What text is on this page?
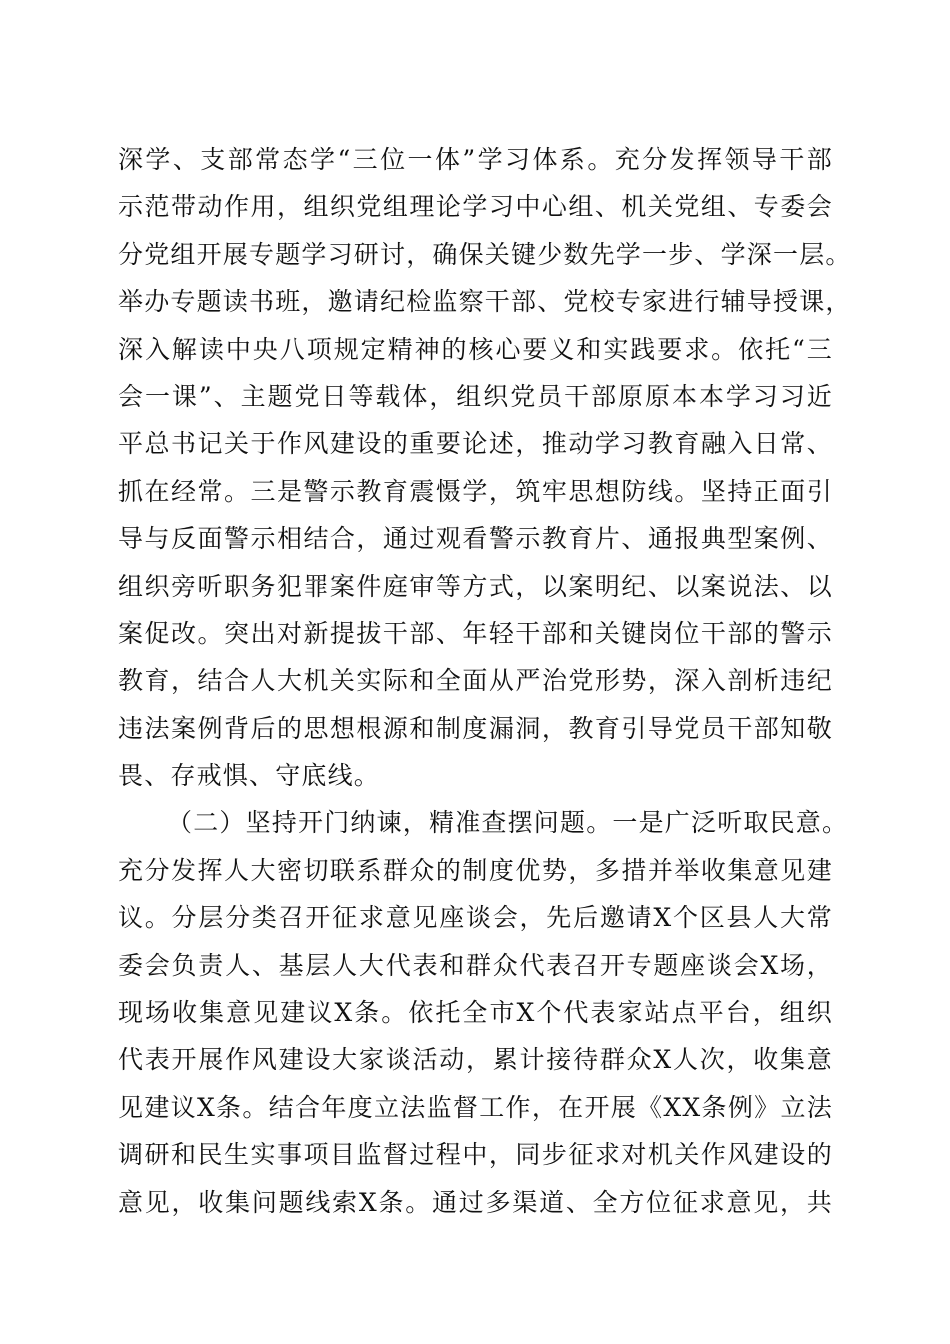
深学、支部常态学“三位一体”学习体系。充分发挥领导干部
示范带动作用，组织党组理论学习中心组、机关党组、专委会
分党组开展专题学习研讨，确保关键少数先学一步、学深一层。
举办专题读书班，邀请纪检监察干部、党校专家进行辅导授课，
深入解读中央八项规定精神的核心要义和实践要求。依托“三
会一课”、主题党日等载体，组织党员干部原原本本学习习近
平总书记关于作风建设的重要论述，推动学习教育融入日常、
抓在经常。三是警示教育震慑学，筑牢思想防线。坚持正面引
导与反面警示相结合，通过观看警示教育片、通报典型案例、
组织旁听职务犯罪案件庭审等方式，以案明纪、以案说法、以
案促改。突出对新提拔干部、年轻干部和关键岗位干部的警示
教育，结合人大机关实际和全面从严治党形势，深入剖析违纪
违法案例背后的思想根源和制度漏洞，教育引导党员干部知敬
畏、存戒惧、守底线。
（二）坚持开门纳谏，精准查摆问题。一是广泛听取民意。
充分发挥人大密切联系群众的制度优势，多措并举收集意见建
议。分层分类召开征求意见座谈会，先后邀请X个区县人大常
委会负责人、基层人大代表和群众代表召开专题座谈会X场，
现场收集意见建议X条。依托全市X个代表家站点平台，组织
代表开展作风建设大家谈活动，累计接待群众X人次，收集意
见建议X条。结合年度立法监督工作，在开展《XX条例》立法
调研和民生实事项目监督过程中，同步征求对机关作风建设的
意见，收集问题线索X条。通过多渠道、全方位征求意见，共
